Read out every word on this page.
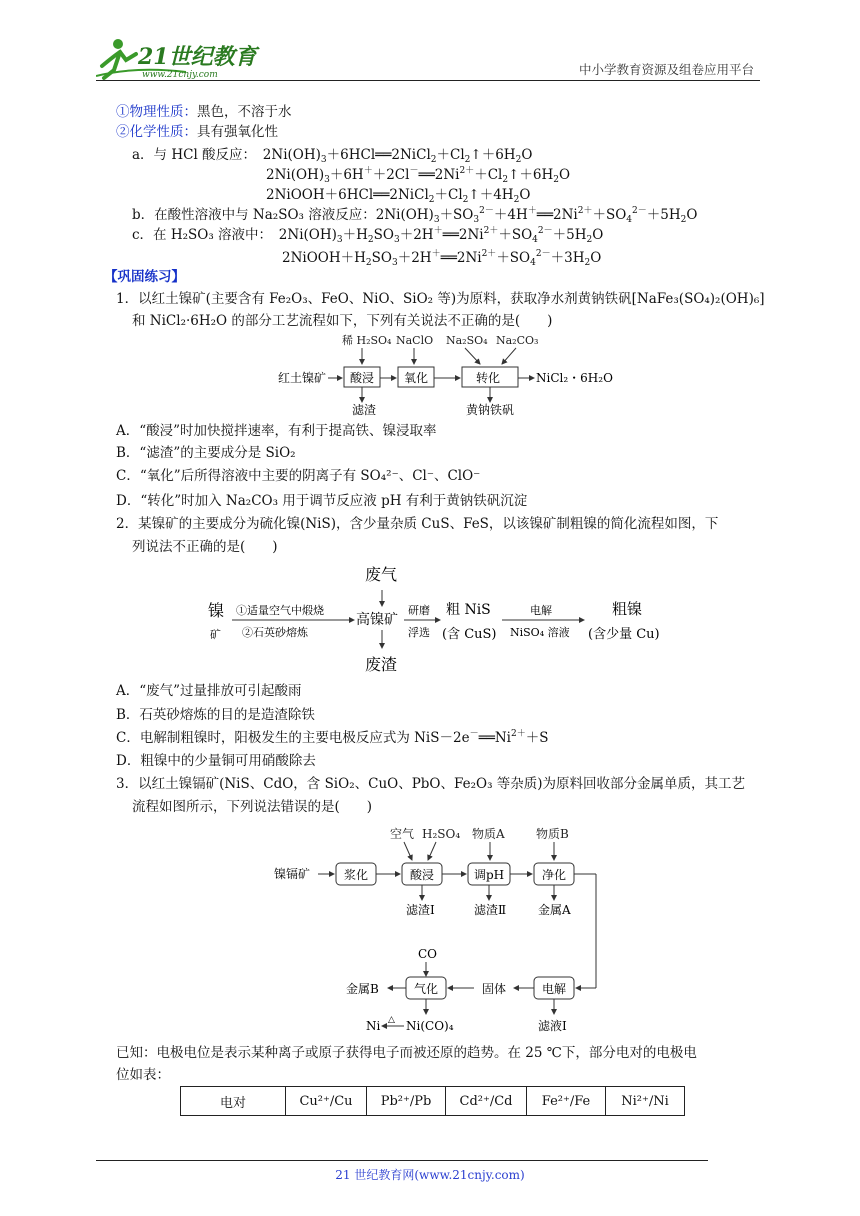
21世纪教育
www.21cnjy.com	中小学教育资源及组卷应用平台
①物理性质：黑色，不溶于水
②化学性质：具有强氧化性
a．与 HCl 酸反应：　$2Ni(OH)_3+6HCl══2NiCl_2+Cl_2↑+6H_2O$
$2Ni(OH)_3+6H^++2Cl^-══2Ni^{2+}+Cl_2↑+6H_2O$
$2NiOOH+6HCl══2NiCl_2+Cl_2↑+4H_2O$
b．在酸性溶液中与 Na₂SO₃ 溶液反应：$2Ni(OH)_3+SO_3^{2-}+4H^+══2Ni^{2+}+SO_4^{2-}+5H_2O$
c．在 H₂SO₃ 溶液中：　$2Ni(OH)_3+H_2SO_3+2H^+══2Ni^{2+}+SO_4^{2-}+5H_2O$
$2NiOOH+H_2SO_3+2H^+══2Ni^{2+}+SO_4^{2-}+3H_2O$
【巩固练习】
1．以红土镍矿(主要含有 Fe₂O₃、FeO、NiO、SiO₂ 等)为原料，获取净水剂黄钠铁矾[NaFe₃(SO₄)₂(OH)₆]
和 NiCl₂·6H₂O 的部分工艺流程如下，下列有关说法不正确的是(　　)
稀 H₂SO₄ NaClO Na₂SO₄ Na₂CO₃
红土镍矿 酸浸 氧化	转化	NiCl₂・6H₂O
滤渣	黄钠铁矾
A．“酸浸”时加快搅拌速率，有利于提高铁、镍浸取率
B．“滤渣”的主要成分是 SiO₂
C．“氧化”后所得溶液中主要的阴离子有 SO₄²⁻、Cl⁻、ClO⁻
D．“转化”时加入 Na₂CO₃ 用于调节反应液 pH 有利于黄钠铁矾沉淀
2．某镍矿的主要成分为硫化镍(NiS)，含少量杂质 CuS、FeS，以该镍矿制粗镍的简化流程如图，下
列说法不正确的是(　　)
废气
废渣
镍
矿
①适量空气中煅烧
②石英砂熔炼
高镍矿
研磨
浮选
粗 NiS
(含 CuS)
电解
NiSO₄ 溶液
粗镍
(含少量 Cu)
A．“废气”过量排放可引起酸雨
B．石英砂熔炼的目的是造渣除铁
C．电解制粗镍时，阳极发生的主要电极反应式为 $NiS-2e^-══Ni^{2+}+S$
D．粗镍中的少量铜可用硝酸除去
3．以红土镍镉矿(NiS、CdO，含 SiO₂、CuO、PbO、Fe₂O₃ 等杂质)为原料回收部分金属单质，其工艺
流程如图所示，下列说法错误的是(　　)
空气 H₂SO₄ 物质A	物质B
镍镉矿	浆化	酸浸	调pH	净化
滤渣Ⅰ	滤渣Ⅱ	金属A
CO
电解
固体
气化
金属B
Ni △ Ni(CO)₄	滤液Ⅰ
已知：电极电位是表示某种离子或原子获得电子而被还原的趋势。在 25 ℃下，部分电对的电极电
位如表：
电对	Cu²⁺/Cu	Pb²⁺/Pb	Cd²⁺/Cd	Fe²⁺/Fe	Ni²⁺/Ni
21 世纪教育网(www.21cnjy.com)
